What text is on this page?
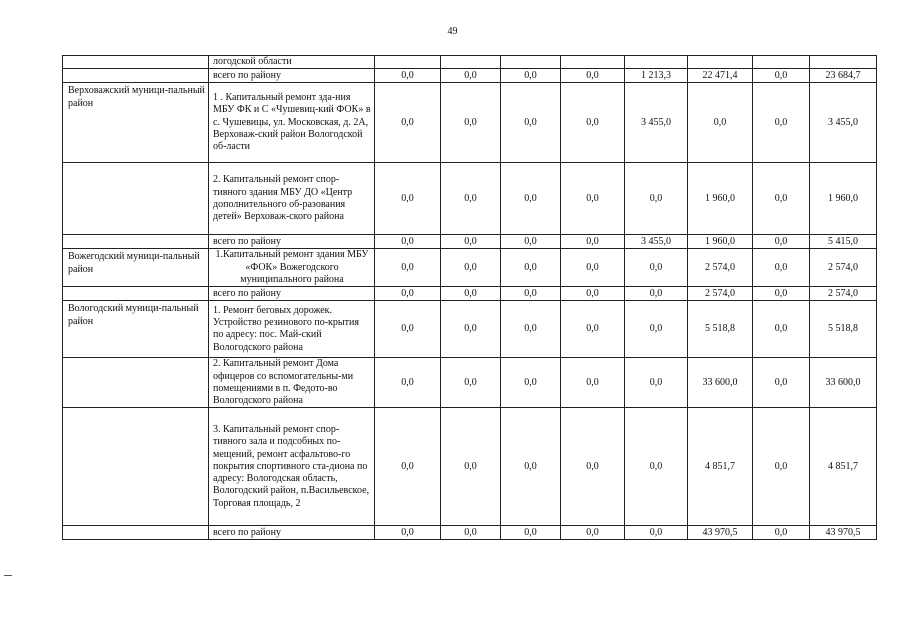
49
	логодской области								
	всего по району	0,0	0,0	0,0	0,0	1 213,3	22 471,4	0,0	23 684,7
Верховажский муници-пальный район	1 . Капитальный ремонт зда-ния МБУ ФК и С «Чушевиц-кий ФОК» в с. Чушевицы, ул. Московская, д. 2А, Верховаж-ский район Вологодской об-ласти	0,0	0,0	0,0	0,0	3 455,0	0,0	0,0	3 455,0
	2. Капитальный ремонт спор-тивного здания МБУ ДО «Центр дополнительного об-разования детей» Верховаж-ского района	0,0	0,0	0,0	0,0	0,0	1 960,0	0,0	1 960,0
	всего по району	0,0	0,0	0,0	0,0	3 455,0	1 960,0	0,0	5 415,0
Вожегодский муници-пальный район	1.Капитальный ремонт здания МБУ «ФОК» Вожегодского муниципального района	0,0	0,0	0,0	0,0	0,0	2 574,0	0,0	2 574,0
	всего по району	0,0	0,0	0,0	0,0	0,0	2 574,0	0,0	2 574,0
Вологодский муници-пальный район	1. Ремонт беговых дорожек. Устройство резинового по-крытия по адресу: пос. Май-ский Вологодского района	0,0	0,0	0,0	0,0	0,0	5 518,8	0,0	5 518,8
	2. Капитальный ремонт Дома офицеров со вспомогательны-ми помещениями в п. Федото-во Вологодского района	0,0	0,0	0,0	0,0	0,0	33 600,0	0,0	33 600,0
	3. Капитальный ремонт спор-тивного зала и подсобных по-мещений, ремонт асфальтово-го покрытия спортивного ста-диона по адресу: Вологодская область, Вологодский район, п.Васильевское, Торговая площадь, 2	0,0	0,0	0,0	0,0	0,0	4 851,7	0,0	4 851,7
	всего по району	0,0	0,0	0,0	0,0	0,0	43 970,5	0,0	43 970,5
